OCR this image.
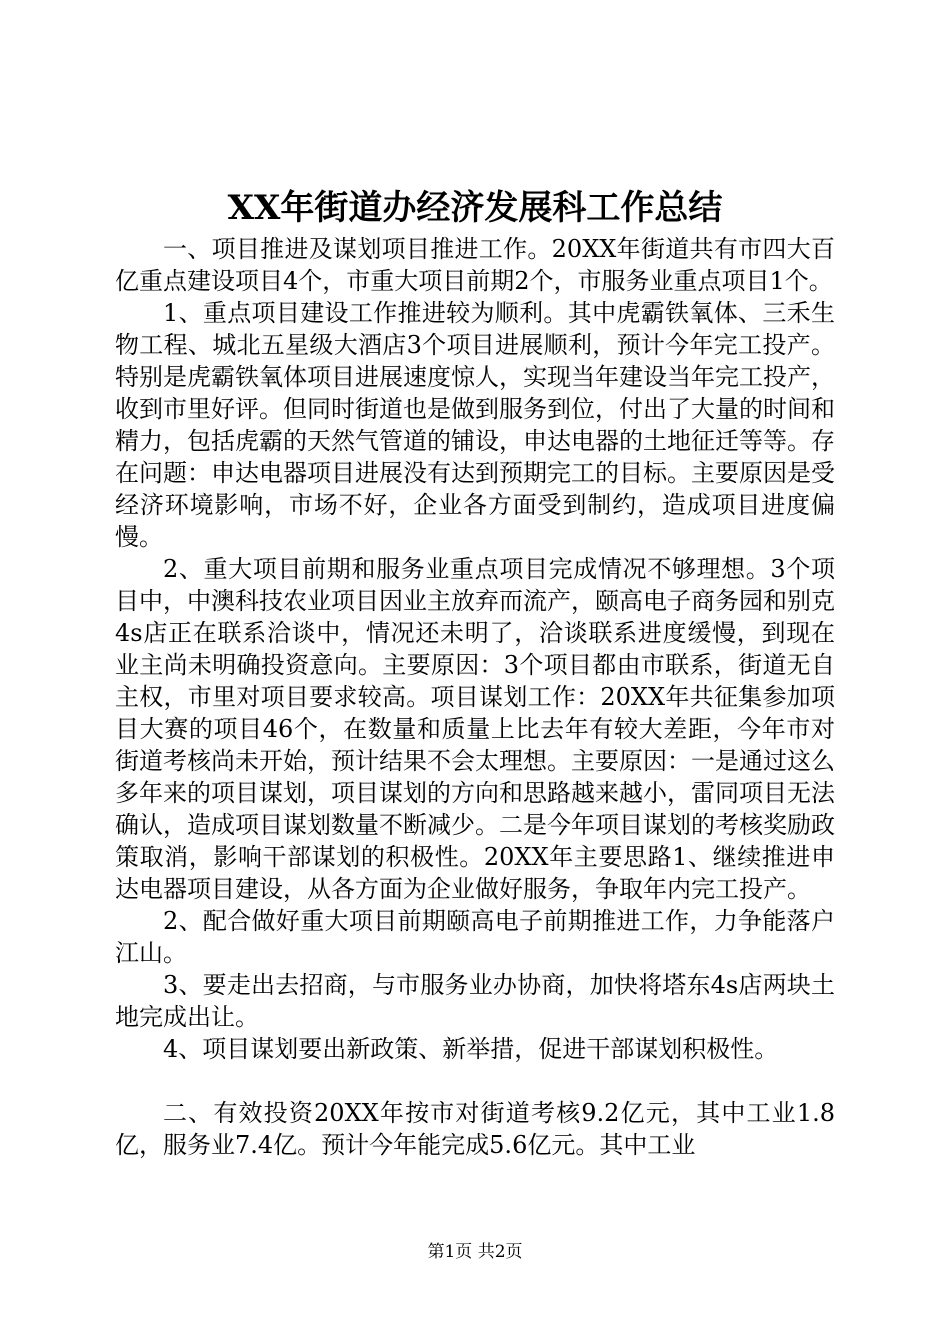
XX年街道办经济发展科工作总结

一、项目推进及谋划项目推进工作。20XX年街道共有市四大百亿重点建设项目4个，市重大项目前期2个，市服务业重点项目1个。

1、重点项目建设工作推进较为顺利。其中虎霸铁氧体、三禾生物工程、城北五星级大酒店3个项目进展顺利，预计今年完工投产。特别是虎霸铁氧体项目进展速度惊人，实现当年建设当年完工投产，收到市里好评。但同时街道也是做到服务到位，付出了大量的时间和精力，包括虎霸的天然气管道的铺设，申达电器的土地征迁等等。存在问题：申达电器项目进展没有达到预期完工的目标。主要原因是受经济环境影响，市场不好，企业各方面受到制约，造成项目进度偏慢。

2、重大项目前期和服务业重点项目完成情况不够理想。3个项目中，中澳科技农业项目因业主放弃而流产，颐高电子商务园和别克4s店正在联系洽谈中，情况还未明了，洽谈联系进度缓慢，到现在业主尚未明确投资意向。主要原因：3个项目都由市联系，街道无自主权，市里对项目要求较高。项目谋划工作：20XX年共征集参加项目大赛的项目46个，在数量和质量上比去年有较大差距，今年市对街道考核尚未开始，预计结果不会太理想。主要原因：一是通过这么多年来的项目谋划，项目谋划的方向和思路越来越小，雷同项目无法确认，造成项目谋划数量不断减少。二是今年项目谋划的考核奖励政策取消，影响干部谋划的积极性。20XX年主要思路1、继续推进申达电器项目建设，从各方面为企业做好服务，争取年内完工投产。

2、配合做好重大项目前期颐高电子前期推进工作，力争能落户江山。

3、要走出去招商，与市服务业办协商，加快将塔东4s店两块土地完成出让。

4、项目谋划要出新政策、新举措，促进干部谋划积极性。

二、有效投资20XX年按市对街道考核9.2亿元，其中工业1.8亿，服务业7.4亿。预计今年能完成5.6亿元。其中工业

第1页 共2页
